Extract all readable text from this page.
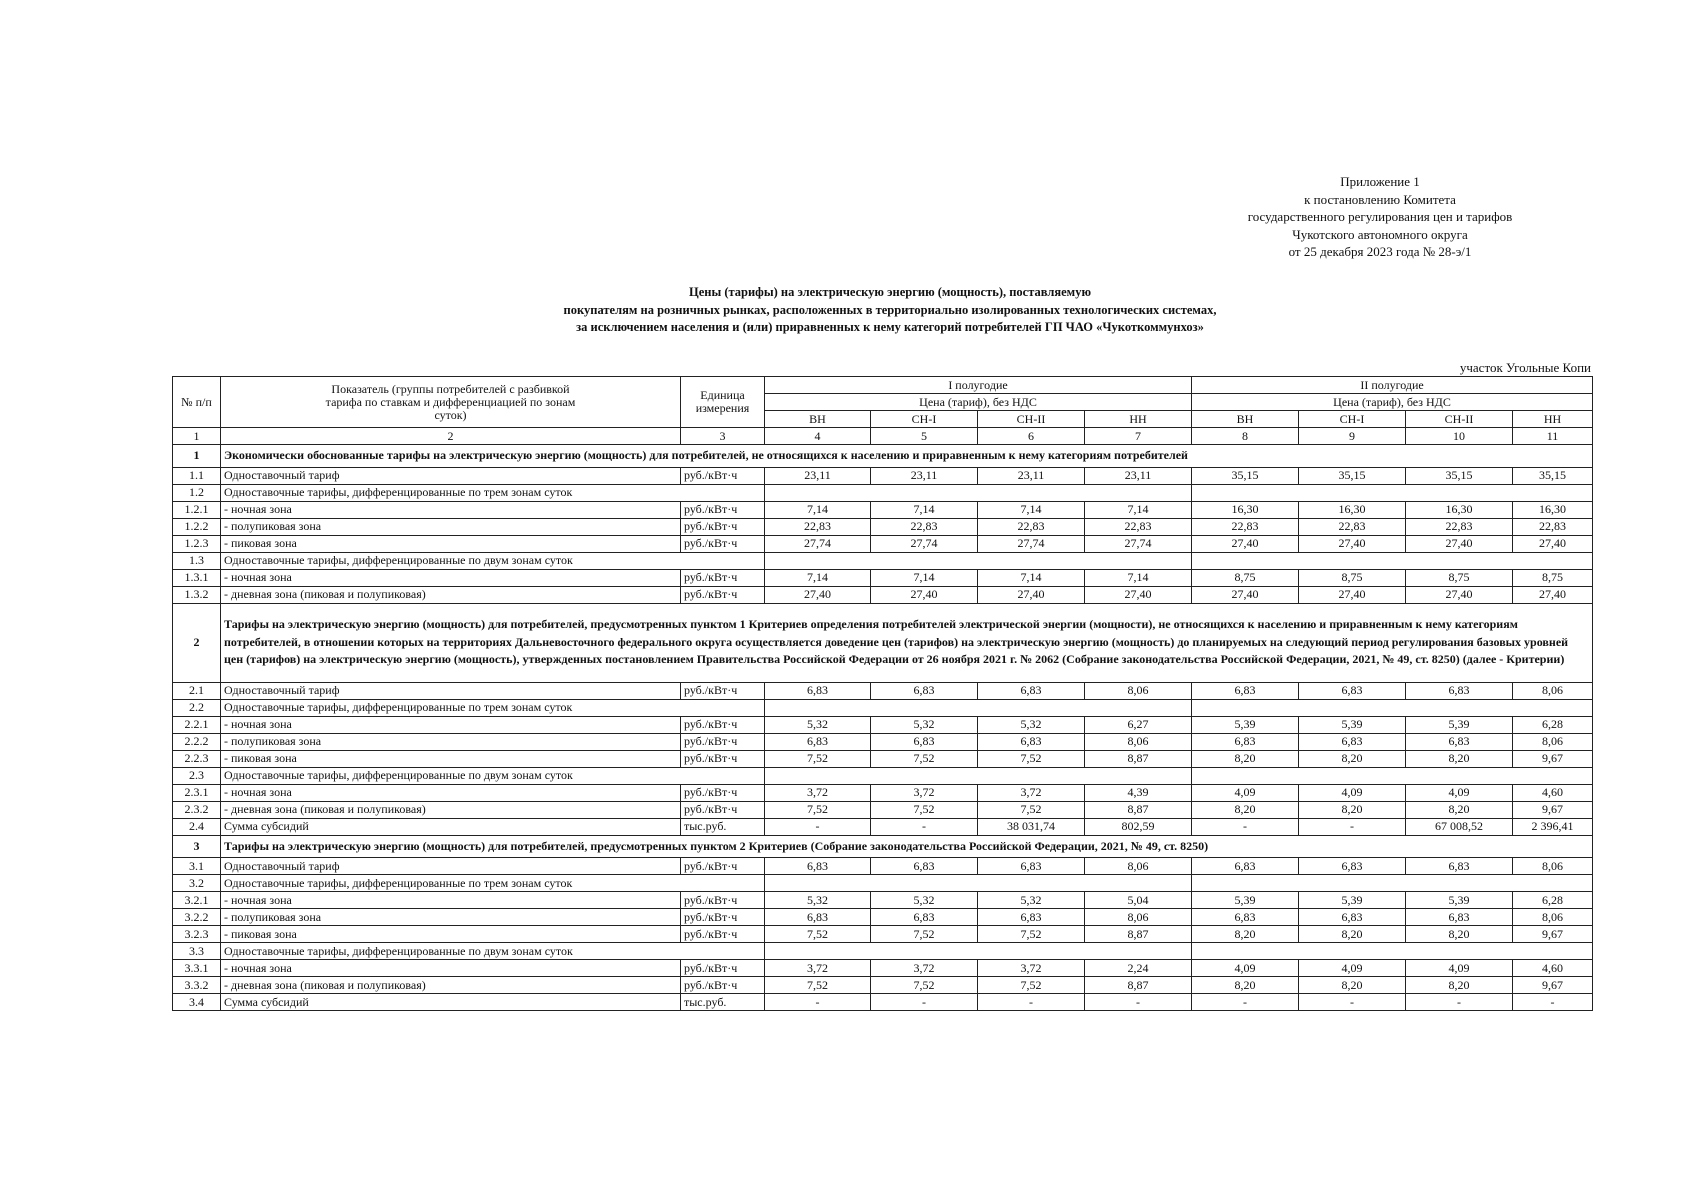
Приложение 1
к постановлению Комитета
государственного регулирования цен и тарифов
Чукотского автономного округа
от 25 декабря 2023 года № 28-э/1
Цены (тарифы) на электрическую энергию (мощность), поставляемую
покупателям на розничных рынках, расположенных в территориально изолированных технологических системах,
за исключением населения и (или) приравненных к нему категорий потребителей ГП ЧАО «Чукоткоммунхоз»
участок Угольные Копи
№ п/п	Показатель (группы потребителей с разбивкой тарифа по ставкам и дифференциацией по зонам суток)	Единица измерения	I полугодие				II полугодие			
			Цена (тариф), без НДС				Цена (тариф), без НДС			
			ВН	СН-I	СН-II	НН	ВН	СН-I	СН-II	НН
1	2	3	4	5	6	7	8	9	10	11
1	Экономически обоснованные тарифы на электрическую энергию (мощность) для потребителей, не относящихся к населению и приравненным к нему категориям потребителей									
1.1	Одноставочный тариф	руб./кВт·ч	23,11	23,11	23,11	23,11	35,15	35,15	35,15	35,15
1.2	Одноставочные тарифы, дифференцированные по трем зонам суток									
1.2.1	- ночная зона	руб./кВт·ч	7,14	7,14	7,14	7,14	16,30	16,30	16,30	16,30
1.2.2	- полупиковая зона	руб./кВт·ч	22,83	22,83	22,83	22,83	22,83	22,83	22,83	22,83
1.2.3	- пиковая зона	руб./кВт·ч	27,74	27,74	27,74	27,74	27,40	27,40	27,40	27,40
1.3	Одноставочные тарифы, дифференцированные по двум зонам суток									
1.3.1	- ночная зона	руб./кВт·ч	7,14	7,14	7,14	7,14	8,75	8,75	8,75	8,75
1.3.2	- дневная зона (пиковая и полупиковая)	руб./кВт·ч	27,40	27,40	27,40	27,40	27,40	27,40	27,40	27,40
2	Тарифы на электрическую энергию (мощность) для потребителей, предусмотренных пунктом 1 Критериев определения потребителей электрической энергии (мощности), не относящихся к населению и приравненным к нему категориям потребителей, в отношении которых на территориях Дальневосточного федерального округа осуществляется доведение цен (тарифов) на электрическую энергию (мощность) до планируемых на следующий период регулирования базовых уровней цен (тарифов) на электрическую энергию (мощность), утвержденных постановлением Правительства Российской Федерации от 26 ноября 2021 г. № 2062 (Собрание законодательства Российской Федерации, 2021, № 49, ст. 8250) (далее - Критерии)									
2.1	Одноставочный тариф	руб./кВт·ч	6,83	6,83	6,83	8,06	6,83	6,83	6,83	8,06
2.2	Одноставочные тарифы, дифференцированные по трем зонам суток									
2.2.1	- ночная зона	руб./кВт·ч	5,32	5,32	5,32	6,27	5,39	5,39	5,39	6,28
2.2.2	- полупиковая зона	руб./кВт·ч	6,83	6,83	6,83	8,06	6,83	6,83	6,83	8,06
2.2.3	- пиковая зона	руб./кВт·ч	7,52	7,52	7,52	8,87	8,20	8,20	8,20	9,67
2.3	Одноставочные тарифы, дифференцированные по двум зонам суток									
2.3.1	- ночная зона	руб./кВт·ч	3,72	3,72	3,72	4,39	4,09	4,09	4,09	4,60
2.3.2	- дневная зона (пиковая и полупиковая)	руб./кВт·ч	7,52	7,52	7,52	8,87	8,20	8,20	8,20	9,67
2.4	Сумма субсидий	тыс.руб.	-	-	38 031,74	802,59	-	-	67 008,52	2 396,41
3	Тарифы на электрическую энергию (мощность) для потребителей, предусмотренных пунктом 2 Критериев (Собрание законодательства Российской Федерации, 2021, № 49, ст. 8250)									
3.1	Одноставочный тариф	руб./кВт·ч	6,83	6,83	6,83	8,06	6,83	6,83	6,83	8,06
3.2	Одноставочные тарифы, дифференцированные по трем зонам суток									
3.2.1	- ночная зона	руб./кВт·ч	5,32	5,32	5,32	5,04	5,39	5,39	5,39	6,28
3.2.2	- полупиковая зона	руб./кВт·ч	6,83	6,83	6,83	8,06	6,83	6,83	6,83	8,06
3.2.3	- пиковая зона	руб./кВт·ч	7,52	7,52	7,52	8,87	8,20	8,20	8,20	9,67
3.3	Одноставочные тарифы, дифференцированные по двум зонам суток									
3.3.1	- ночная зона	руб./кВт·ч	3,72	3,72	3,72	2,24	4,09	4,09	4,09	4,60
3.3.2	- дневная зона (пиковая и полупиковая)	руб./кВт·ч	7,52	7,52	7,52	8,87	8,20	8,20	8,20	9,67
3.4	Сумма субсидий	тыс.руб.	-	-	-	-	-	-	-	-
